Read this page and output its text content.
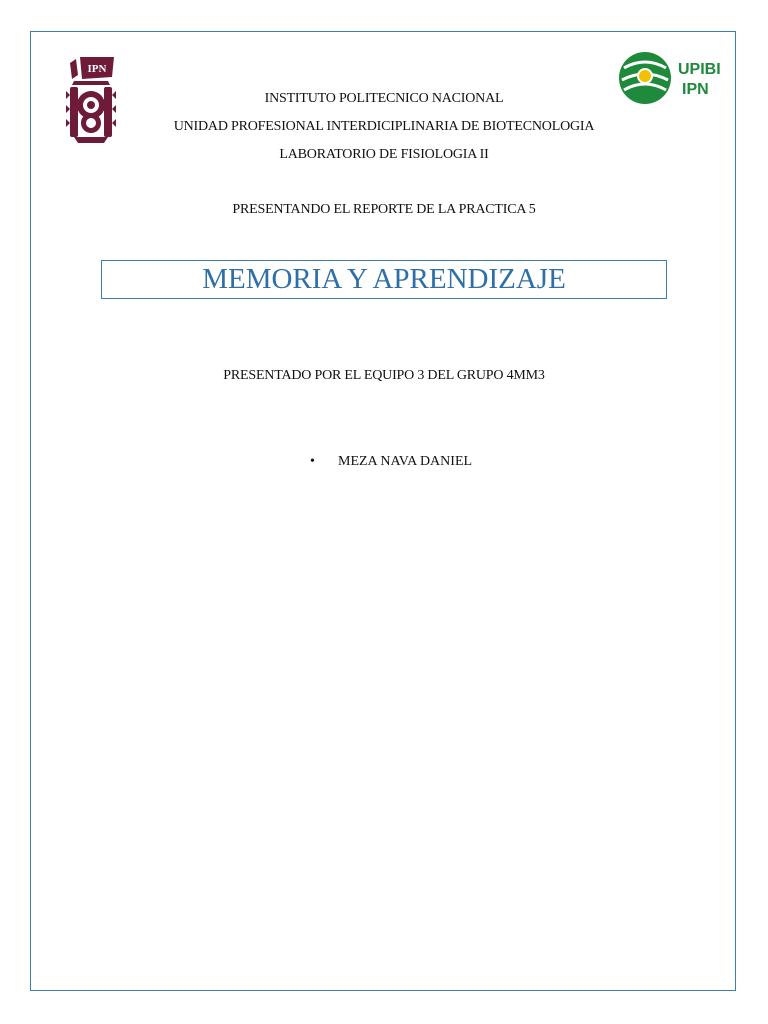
IPN	UPIBI
IPN
INSTITUTO POLITECNICO NACIONAL
UNIDAD PROFESIONAL INTERDICIPLINARIA DE BIOTECNOLOGIA
LABORATORIO DE FISIOLOGIA II
PRESENTANDO EL REPORTE DE LA PRACTICA 5
MEMORIA Y APRENDIZAJE
PRESENTADO POR EL EQUIPO 3 DEL GRUPO 4MM3
•	MEZA NAVA DANIEL
